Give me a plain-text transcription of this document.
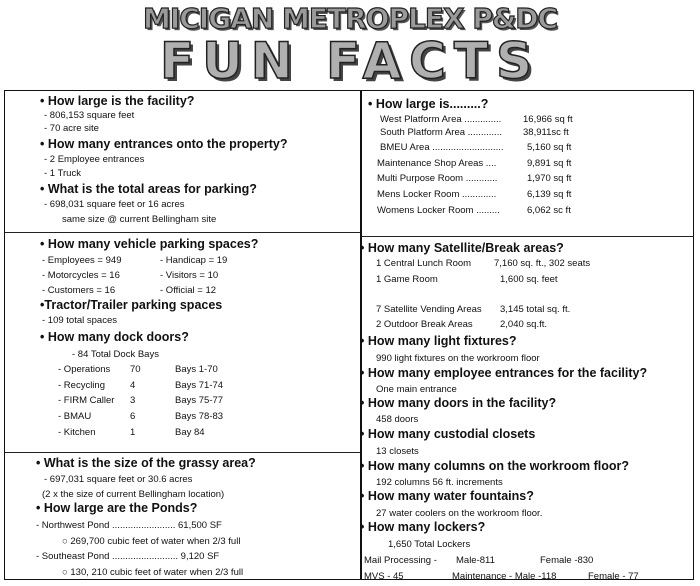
MICIGAN METROPLEX P&DC
FUN FACTS
• How large is the facility?
- 806,153 square feet
- 70 acre site
• How many entrances onto the property?
- 2 Employee entrances
- 1 Truck
• What is the total areas for parking?
- 698,031 square feet or 16 acres
same size @ current Bellingham site
• How many vehicle parking spaces?
- Employees = 949	- Handicap = 19
- Motorcycles = 16	- Visitors = 10
- Customers = 16	- Official = 12
•Tractor/Trailer parking spaces
- 109 total spaces
• How many dock doors?
- 84 Total Dock Bays
- Operations 70	Bays 1-70
- Recycling	4	Bays 71-74
- FIRM Caller 3	Bays 75-77
- BMAU	6	Bays 78-83
- Kitchen	1	Bay 84
• What is the size of the grassy area?
- 697,031 square feet or 30.6 acres
(2 x the size of current Bellingham location)
• How large are the Ponds?
- Northwest Pond ........................ 61,500 SF
○ 269,700 cubic feet of water when 2/3 full
- Southeast Pond ......................... 9,120 SF
○ 130, 210 cubic feet of water when 2/3 full
• How large is.........?
West Platform Area .............. 16,966 sq ft
South Platform Area ............. 38,911sc ft
BMEU Area ........................... 5,160 sq ft
Maintenance Shop Areas ....	9,891 sq ft
Multi Purpose Room ............	1,970 sq ft
Mens Locker Room .............	6,139 sq ft
Womens Locker Room .........	6,062 sc ft
• How many Satellite/Break areas?
1 Central Lunch Room 7,160 sq. ft., 302 seats
1 Game Room	1,600 sq. feet
7 Satellite Vending Areas 3,145 total sq. ft.
2 Outdoor Break Areas	2,040 sq.ft.
• How many light fixtures?
990 light fixtures on the workroom floor
• How many employee entrances for the facility?
One main entrance
• How many doors in the facility?
458 doors
• How many custodial closets
13 closets
• How many columns on the workroom floor?
192 columns 56 ft. increments
• How many water fountains?
27 water coolers on the workroom floor.
• How many lockers?
1,650 Total Lockers
Mail Processing - Male-811	Female -830
MVS - 45	Maintenance - Male -118	Female - 77
